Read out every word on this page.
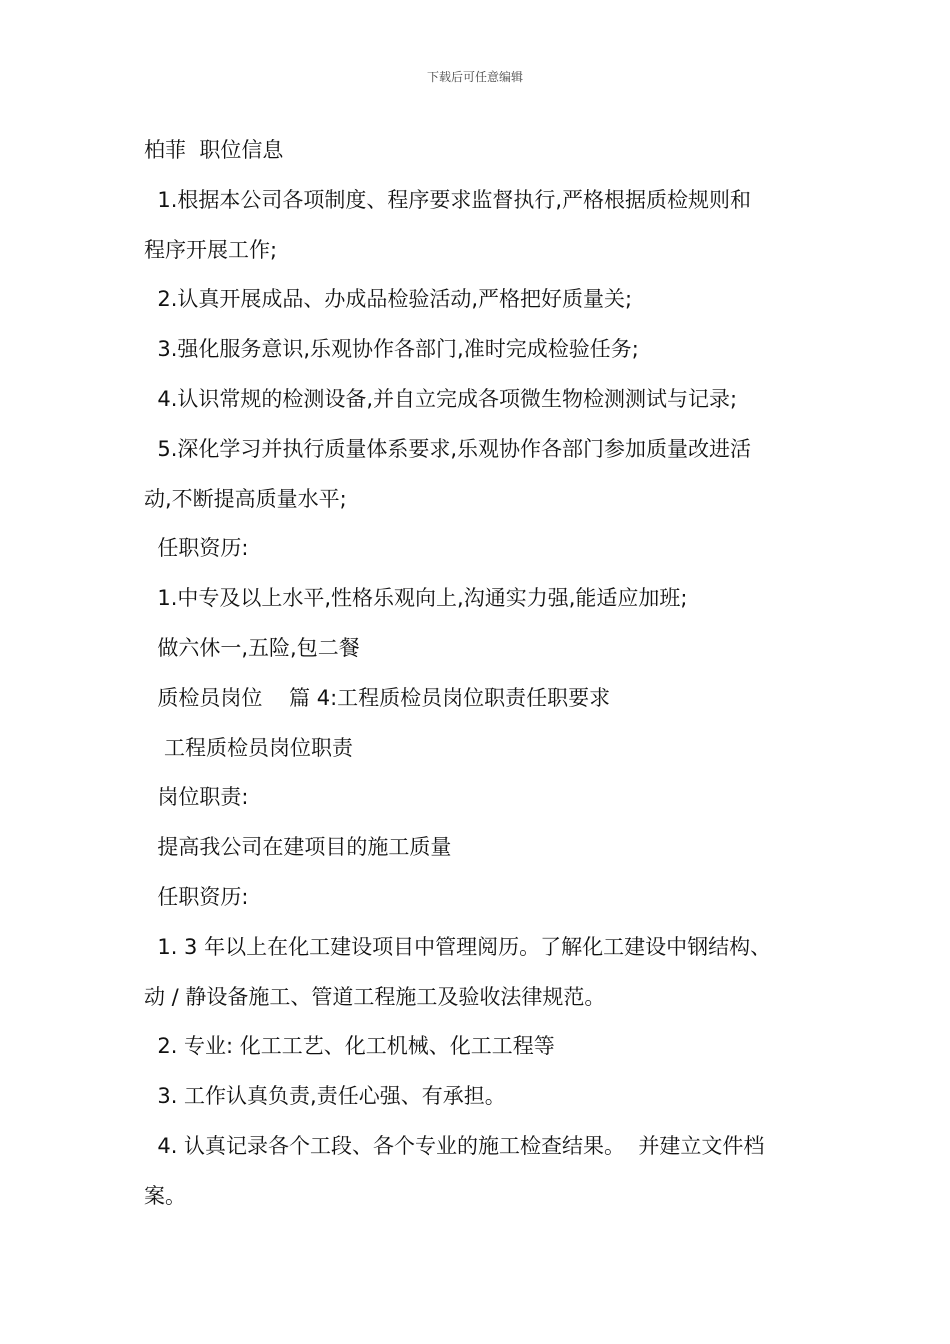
下载后可任意编辑
柏菲  职位信息
1.根据本公司各项制度、程序要求监督执行,严格根据质检规则和
程序开展工作;
2.认真开展成品、办成品检验活动,严格把好质量关;
3.强化服务意识,乐观协作各部门,准时完成检验任务;
4.认识常规的检测设备,并自立完成各项微生物检测测试与记录;
5.深化学习并执行质量体系要求,乐观协作各部门参加质量改进活
动,不断提高质量水平;
任职资历:
1.中专及以上水平,性格乐观向上,沟通实力强,能适应加班;
做六休一,五险,包二餐
质检员岗位    篇 4:工程质检员岗位职责任职要求
工程质检员岗位职责
岗位职责:
提高我公司在建项目的施工质量
任职资历:
1. 3 年以上在化工建设项目中管理阅历。了解化工建设中钢结构、
动 / 静设备施工、管道工程施工及验收法律规范。
2. 专业: 化工工艺、化工机械、化工工程等
3. 工作认真负责,责任心强、有承担。
4. 认真记录各个工段、各个专业的施工检查结果。  并建立文件档
案。
